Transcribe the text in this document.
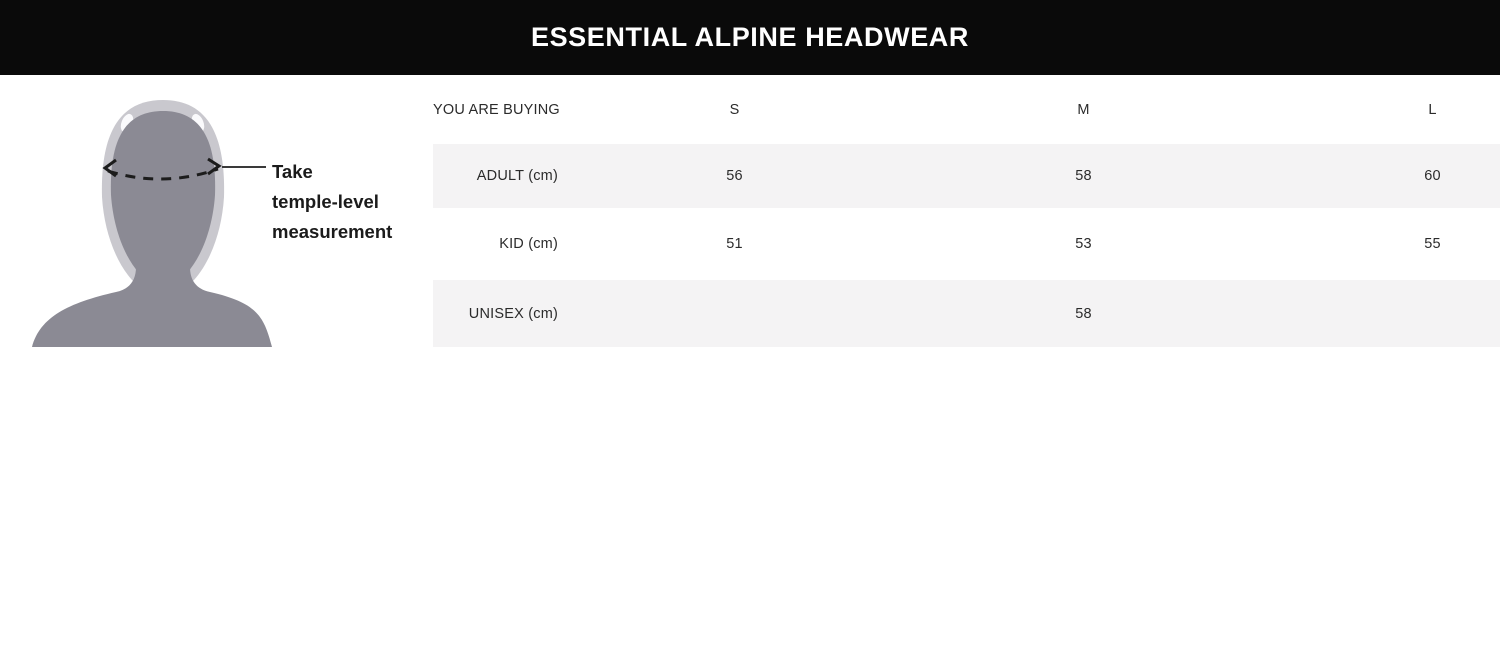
ESSENTIAL ALPINE HEADWEAR
Take
temple-level
measurement
YOU ARE BUYING	S	M	L
ADULT (cm)	56	58	60
KID (cm)	51	53	55
UNISEX (cm)		58	
